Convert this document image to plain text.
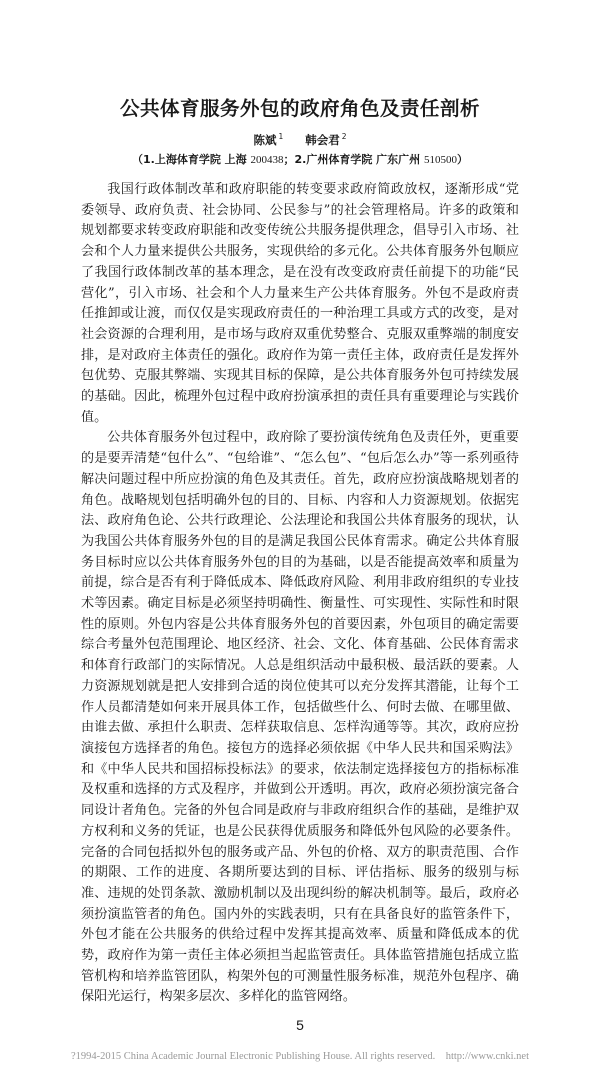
公共体育服务外包的政府角色及责任剖析
陈斌 $^1$ 韩会君 $^2$
（1.上海体育学院 上海 200438；2.广州体育学院 广东广州 510500）

我国行政体制改革和政府职能的转变要求政府简政放权，逐渐形成“党委领导、政府负责、社会协同、公民参与”的社会管理格局。许多的政策和规划都要求转变政府职能和改变传统公共服务提供理念，倡导引入市场、社会和个人力量来提供公共服务，实现供给的多元化。公共体育服务外包顺应了我国行政体制改革的基本理念，是在没有改变政府责任前提下的功能“民营化”，引入市场、社会和个人力量来生产公共体育服务。外包不是政府责任推卸或让渡，而仅仅是实现政府责任的一种治理工具或方式的改变，是对社会资源的合理利用，是市场与政府双重优势整合、克服双重弊端的制度安排，是对政府主体责任的强化。政府作为第一责任主体，政府责任是发挥外包优势、克服其弊端、实现其目标的保障，是公共体育服务外包可持续发展的基础。因此，梳理外包过程中政府扮演承担的责任具有重要理论与实践价值。

公共体育服务外包过程中，政府除了要扮演传统角色及责任外，更重要的是要弄清楚“包什么”、“包给谁”、“怎么包”、“包后怎么办”等一系列亟待解决问题过程中所应扮演的角色及其责任。首先，政府应扮演战略规划者的角色。战略规划包括明确外包的目的、目标、内容和人力资源规划。依据宪法、政府角色论、公共行政理论、公法理论和我国公共体育服务的现状，认为我国公共体育服务外包的目的是满足我国公民体育需求。确定公共体育服务目标时应以公共体育服务外包的目的为基础，以是否能提高效率和质量为前提，综合是否有利于降低成本、降低政府风险、利用非政府组织的专业技术等因素。确定目标是必须坚持明确性、衡量性、可实现性、实际性和时限性的原则。外包内容是公共体育服务外包的首要因素，外包项目的确定需要综合考量外包范围理论、地区经济、社会、文化、体育基础、公民体育需求和体育行政部门的实际情况。人总是组织活动中最积极、最活跃的要素。人力资源规划就是把人安排到合适的岗位使其可以充分发挥其潜能，让每个工作人员都清楚如何来开展具体工作，包括做些什么、何时去做、在哪里做、由谁去做、承担什么职责、怎样获取信息、怎样沟通等等。其次，政府应扮演接包方选择者的角色。接包方的选择必须依据《中华人民共和国采购法》和《中华人民共和国招标投标法》的要求，依法制定选择接包方的指标标准及权重和选择的方式及程序，并做到公开透明。再次，政府必须扮演完备合同设计者角色。完备的外包合同是政府与非政府组织合作的基础，是维护双方权利和义务的凭证，也是公民获得优质服务和降低外包风险的必要条件。完备的合同包括拟外包的服务或产品、外包的价格、双方的职责范围、合作的期限、工作的进度、各期所要达到的目标、评估指标、服务的级别与标准、违规的处罚条款、激励机制以及出现纠纷的解决机制等。最后，政府必须扮演监管者的角色。国内外的实践表明，只有在具备良好的监管条件下，外包才能在公共服务的供给过程中发挥其提高效率、质量和降低成本的优势，政府作为第一责任主体必须担当起监管责任。具体监管措施包括成立监管机构和培养监管团队，构架外包的可测量性服务标准，规范外包程序、确保阳光运行，构架多层次、多样化的监管网络。

5
?1994-2015 China Academic Journal Electronic Publishing House. All rights reserved.    http://www.cnki.net
